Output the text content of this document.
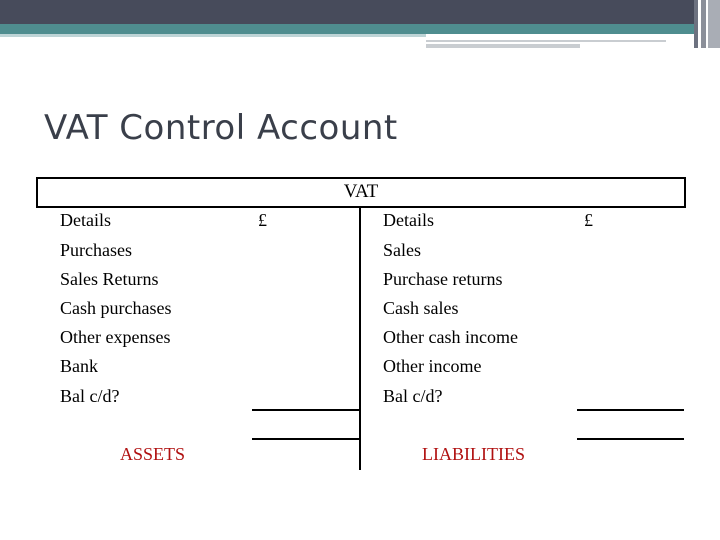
VAT Control Account
VAT
Details	£
Purchases
Sales Returns
Cash purchases
Other expenses
Bank
Bal c/d?
ASSETS
Details	£
Sales
Purchase returns
Cash sales
Other cash income
Other income
Bal c/d?
LIABILITIES
